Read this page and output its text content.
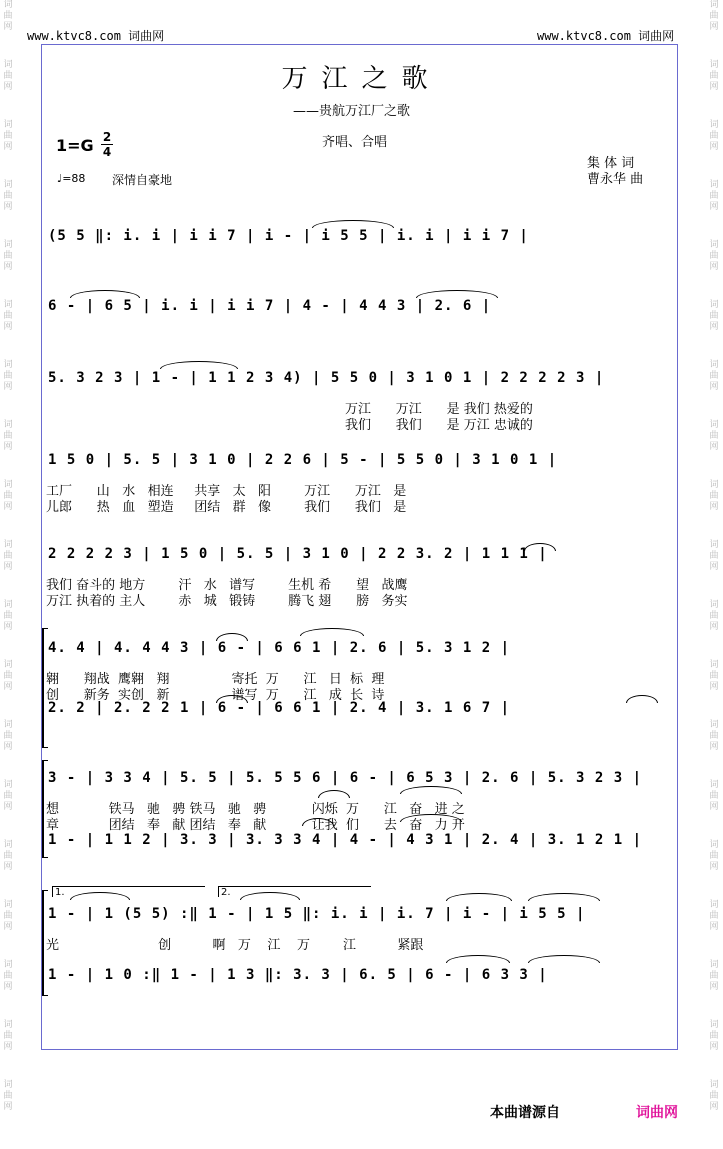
词
曲
网
词
曲
网
词
曲
网
词
曲
网
词
曲
网
词
曲
网
词
曲
网
词
曲
网
词
曲
网
词
曲
网
词
曲
网
词
曲
网
词
曲
网
词
曲
网
词
曲
网
词
曲
网
词
曲
网
词
曲
网
词
曲
网
词
曲
网
词
曲
网
词
曲
网
词
曲
网
词
曲
网
词
曲
网
词
曲
网
词
曲
网
词
曲
网
词
曲
网
词
曲
网
词
曲
网
词
曲
网
词
曲
网
词
曲
网
词
曲
网
词
曲
网
词
曲
网
词
曲
网
www.ktvc8.com 词曲网	www.ktvc8.com 词曲网
万江之歌
——贵航万江厂之歌
齐唱、合唱
1=G 2
4
集 体 词
曹永华 曲
♩=88 深情自豪地
(5 5 ‖: i. i | i i 7 | i - | i 5 5 | i. i | i i 7 |
6 - | 6 5 | i. i | i i 7 | 4 - | 4 4 3 | 2. 6 |
5. 3 2 3 | 1 - | 1 1 2 3 4) | 5 5 0 | 3 1 0 1 | 2 2 2 2 3 |
万江      万江      是 我们 热爱的
我们      我们      是 万江 忠诚的
1 5 0 | 5. 5 | 3 1 0 | 2 2 6 | 5 - | 5 5 0 | 3 1 0 1 |
工厂      山   水   相连     共享   太   阳        万江      万江   是
儿郎      热   血   塑造     团结   群   像        我们      我们   是
2 2 2 2 3 | 1 5 0 | 5. 5 | 3 1 0 | 2 2 3. 2 | 1 1 1 |
我们 奋斗的 地方        汗   水   谱写        生机 希      望   战鹰
万江 执着的 主人        赤   城   锻铸        腾飞 翅      膀   务实
4. 4 | 4. 4 4 3 | 6 - | 6 6 1 | 2. 6 | 5. 3 1 2 |
翱      翔战  鹰翱   翔               寄托  万      江   日  标  理
创      新务  实创   新               谱写  万      江   成  长  诗
2. 2 | 2. 2 2 1 | 6 - | 6 6 1 | 2. 4 | 3. 1 6 7 |
3 - | 3 3 4 | 5. 5 | 5. 5 5 6 | 6 - | 6 5 3 | 2. 6 | 5. 3 2 3 |
想            铁马   驰   骋 铁马   驰   骋           闪烁  万      江   奋   进 之
章            团结   奉   献 团结   奉   献           让我  们      去   奋   力 开
1 - | 1 1 2 | 3. 3 | 3. 3 3 4 | 4 - | 4 3 1 | 2. 4 | 3. 1 2 1 |
1 - | 1 (5 5) :‖ 1 - | 1 5 ‖: i. i | i. 7 | i - | i 5 5 |
光                        创          啊   万    江    万        江          紧跟
1.	2.
1 - | 1 0 :‖ 1 - | 1 3 ‖: 3. 3 | 6. 5 | 6 - | 6 3 3 |
本曲谱源自	词曲网
